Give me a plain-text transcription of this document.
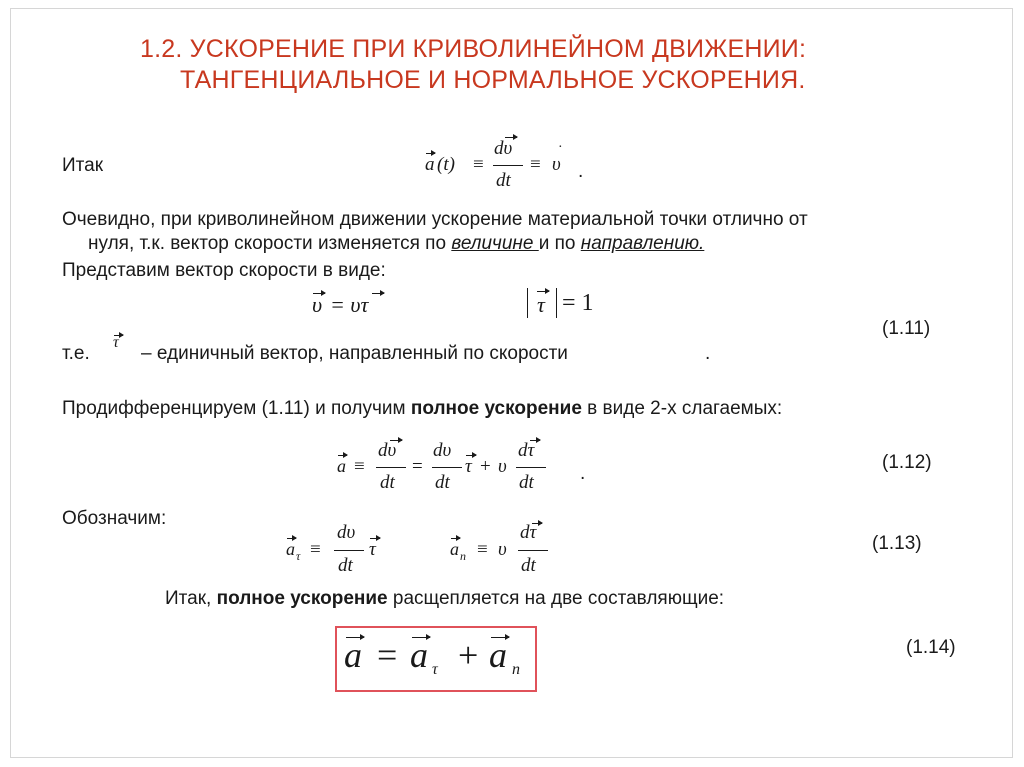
1.2. УСКОРЕНИЕ ПРИ КРИВОЛИНЕЙНОМ ДВИЖЕНИИ:
ТАНГЕНЦИАЛЬНОЕ И НОРМАЛЬНОЕ УСКОРЕНИЯ.
Итак	a (t) ≡
dυ
dt
≡
·
υ .
Очевидно, при криволинейном движении ускорение материальной точки отлично от
нуля, т.к. вектор скорости изменяется по величине и по направлению.
Представим вектор скорости в виде:
υ = υτ	τ = 1
(1.11)
т.е.
τ
– единичный вектор, направленный по скорости	.
Продифференцируем (1.11) и получим полное ускорение в виде 2-х слагаемых:
a ≡
dυ
dt
=
dυ
dt
τ + υ
dτ
dt .
(1.12)
Обозначим:
a τ ≡
dυ
dt
τ	a n ≡ υ
dτ
dt
(1.13)
Итак, полное ускорение расщепляется на две составляющие:
a = a τ + a n
(1.14)
